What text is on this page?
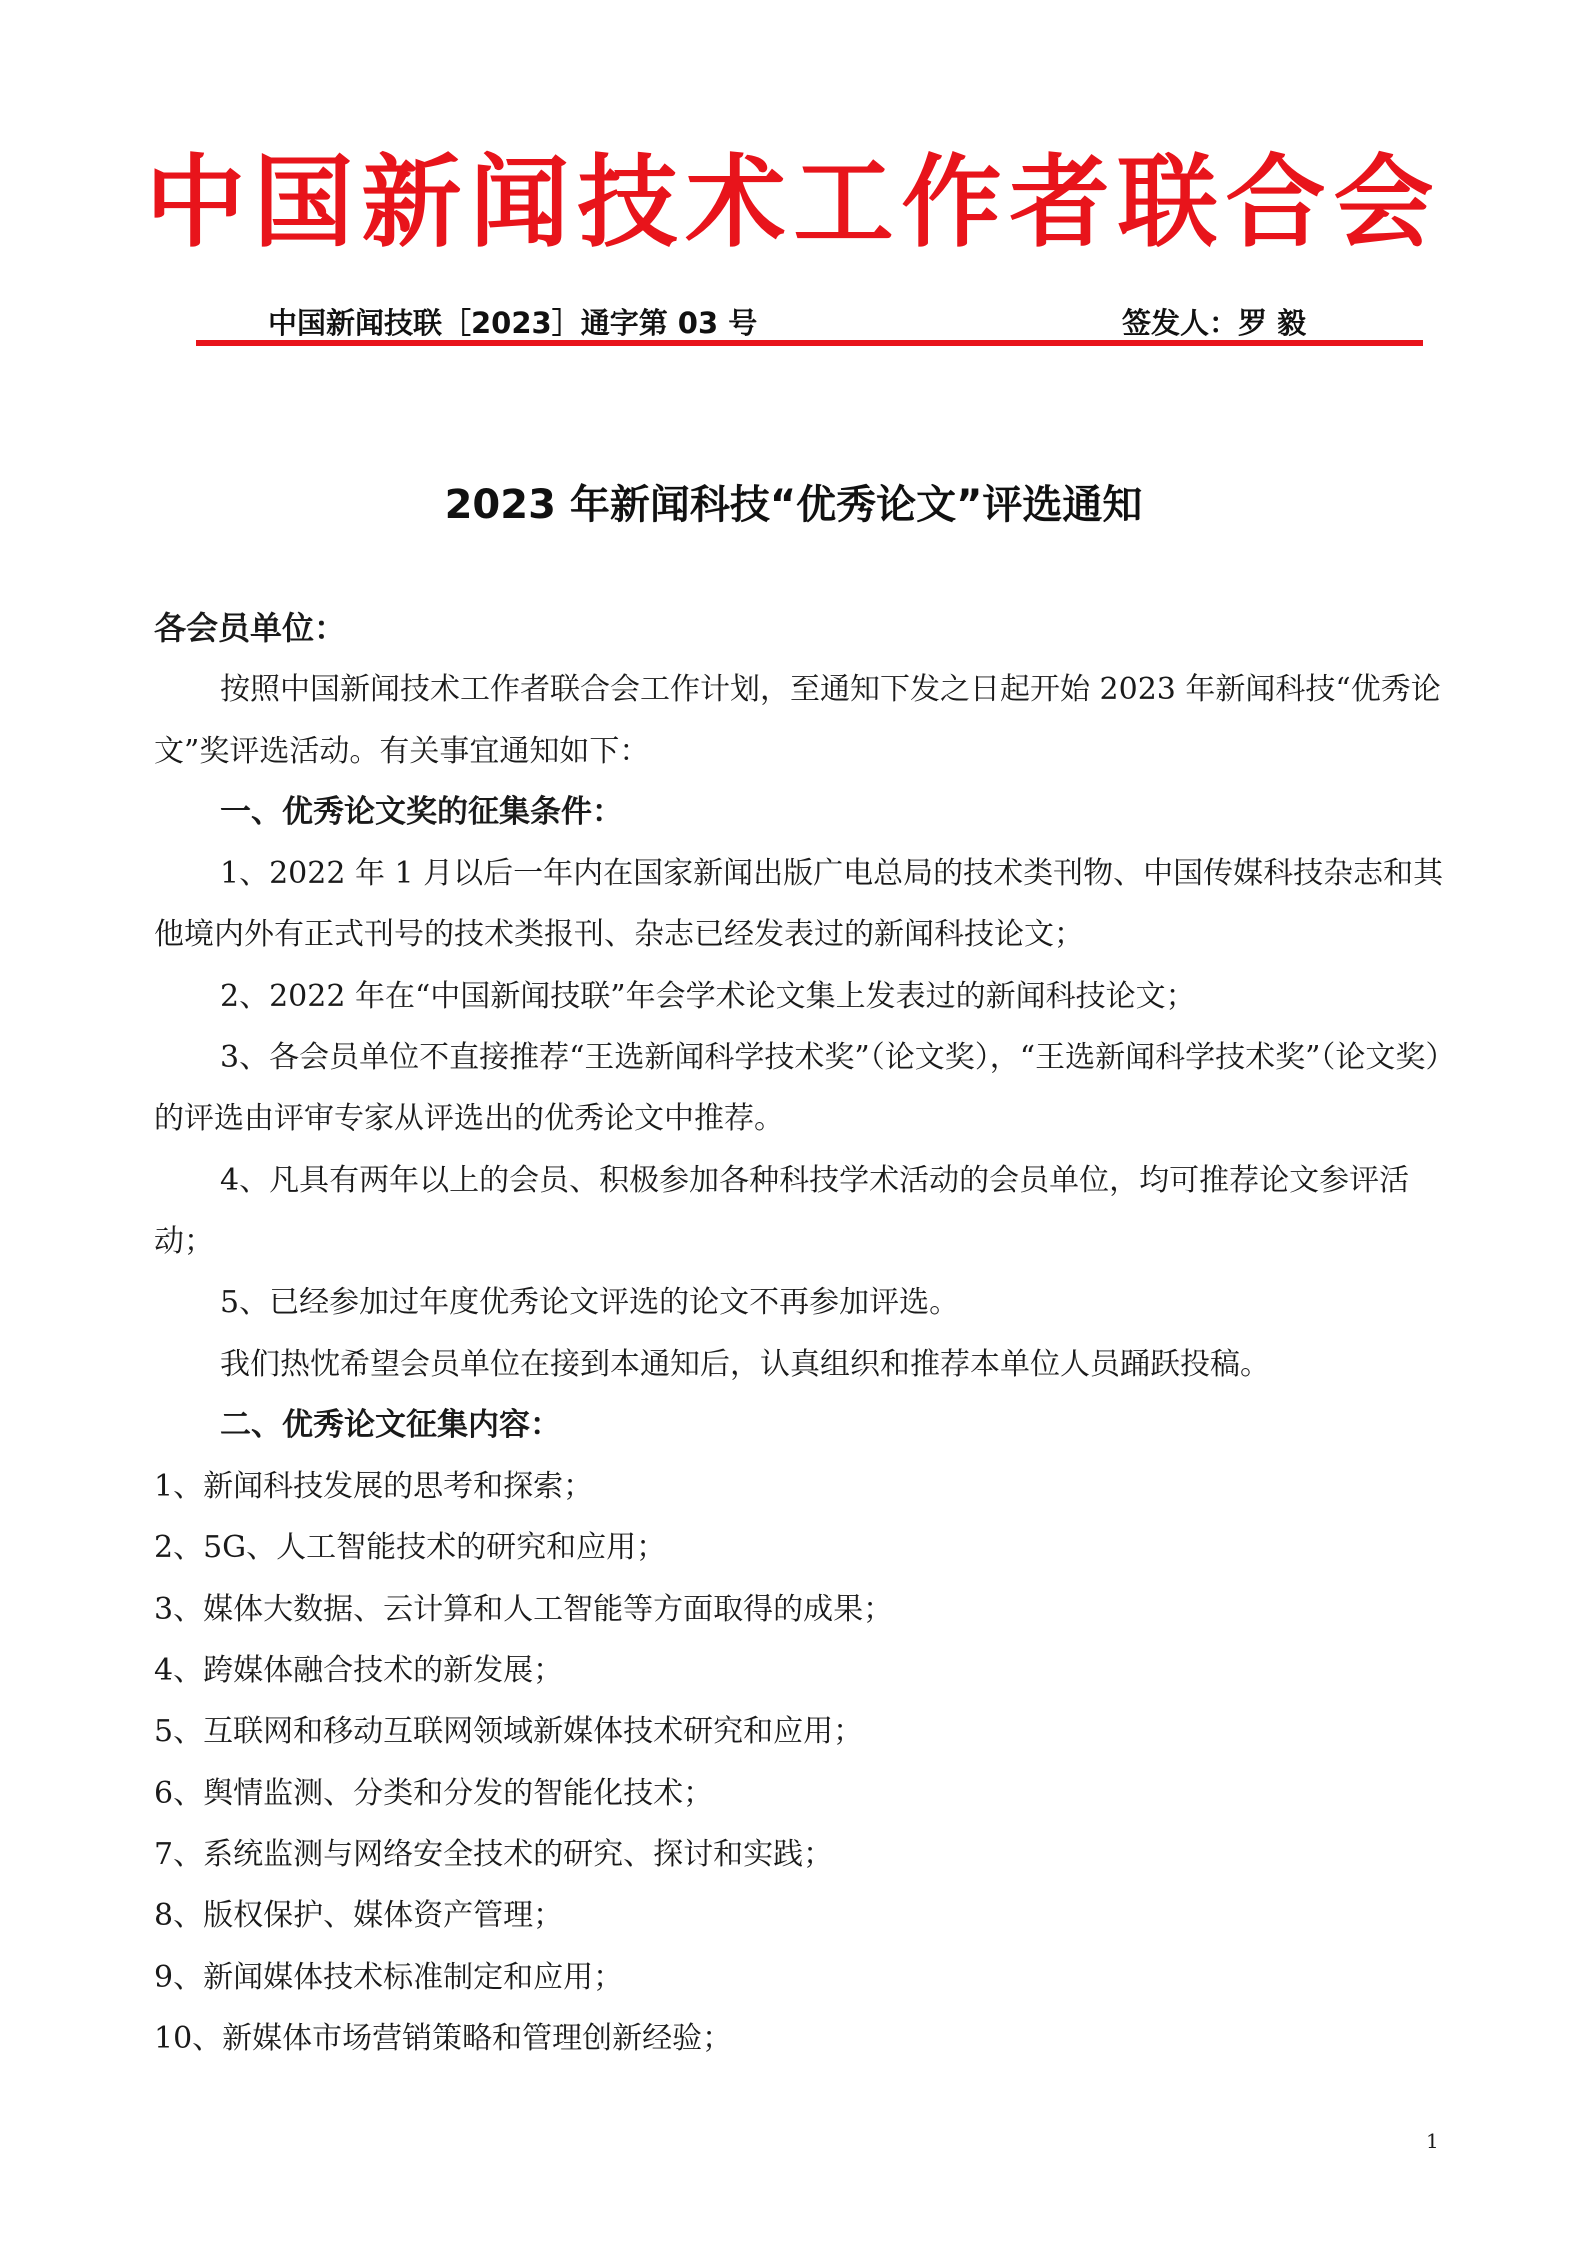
中国新闻技术工作者联合会
中国新闻技联［2023］通字第 03 号	签发人：罗 毅
2023 年新闻科技“优秀论文”评选通知

各会员单位：

按照中国新闻技术工作者联合会工作计划，至通知下发之日起开始 2023 年新闻科技“优秀论文”奖评选活动。有关事宜通知如下：

一、优秀论文奖的征集条件：

1、2022 年 1 月以后一年内在国家新闻出版广电总局的技术类刊物、中国传媒科技杂志和其他境内外有正式刊号的技术类报刊、杂志已经发表过的新闻科技论文；

2、2022 年在“中国新闻技联”年会学术论文集上发表过的新闻科技论文；

3、各会员单位不直接推荐“王选新闻科学技术奖”（论文奖），“王选新闻科学技术奖”（论文奖）的评选由评审专家从评选出的优秀论文中推荐。

4、凡具有两年以上的会员、积极参加各种科技学术活动的会员单位，均可推荐论文参评活动；

5、已经参加过年度优秀论文评选的论文不再参加评选。

我们热忱希望会员单位在接到本通知后，认真组织和推荐本单位人员踊跃投稿。

二、优秀论文征集内容：

1、新闻科技发展的思考和探索；

2、5G、人工智能技术的研究和应用；

3、媒体大数据、云计算和人工智能等方面取得的成果；

4、跨媒体融合技术的新发展；

5、互联网和移动互联网领域新媒体技术研究和应用；

6、舆情监测、分类和分发的智能化技术；

7、系统监测与网络安全技术的研究、探讨和实践；

8、版权保护、媒体资产管理；

9、新闻媒体技术标准制定和应用；

10、新媒体市场营销策略和管理创新经验；

1
